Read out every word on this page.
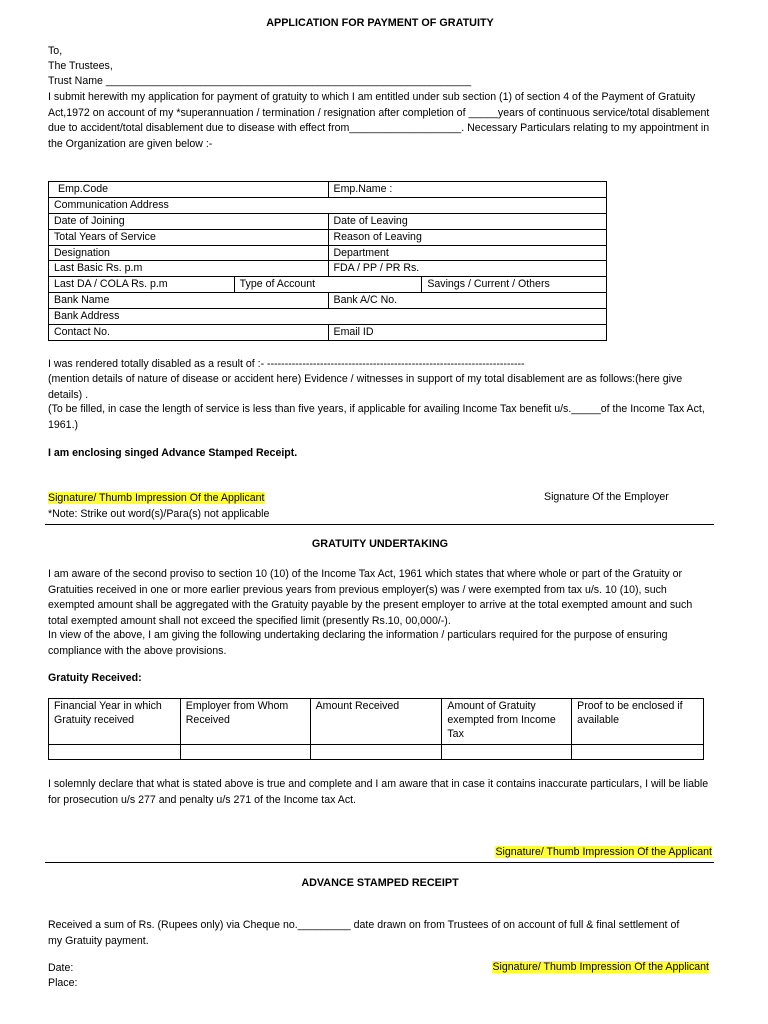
APPLICATION FOR PAYMENT OF GRATUITY
To,
The Trustees,
Trust Name ______________________________________________________________
I submit herewith my application for payment of gratuity to which I am entitled under sub section (1) of section 4 of the Payment of Gratuity Act,1972 on account of my *superannuation / termination / resignation after completion of _____years of continuous service/total disablement due to accident/total disablement due to disease with effect from___________________. Necessary Particulars relating to my appointment in the Organization are given below :-
Emp.Code		Emp.Name :	
Communication Address			
Date of Joining		Date of Leaving	
Total Years of Service		Reason of Leaving	
Designation		Department	
Last Basic Rs. p.m		FDA / PP / PR Rs.	
Last DA / COLA Rs. p.m	Type of Account		Savings / Current / Others
Bank Name		Bank A/C No.	
Bank Address			
Contact No.		Email ID	
I was rendered totally disabled as a result of :- -------------------------------------------------------------------------
(mention details of nature of disease or accident here) Evidence / witnesses in support of my total disablement are as follows:(here give details) .
(To be filled, in case the length of service is less than five years, if applicable for availing Income Tax benefit u/s._____of the Income Tax Act, 1961.)
I am enclosing singed Advance Stamped Receipt.
Signature/ Thumb Impression Of the Applicant	Signature Of the Employer
*Note: Strike out word(s)/Para(s) not applicable
GRATUITY UNDERTAKING
I am aware of the second proviso to section 10 (10) of the Income Tax Act, 1961 which states that where whole or part of the Gratuity or Gratuities received in one or more earlier previous years from previous employer(s) was / were exempted from tax u/s. 10 (10), such exempted amount shall be aggregated with the Gratuity payable by the present employer to arrive at the total exempted amount and such total exempted amount shall not exceed the specified limit (presently Rs.10, 00,000/-).
In view of the above, I am giving the following undertaking declaring the information / particulars required for the purpose of ensuring compliance with the above provisions.
Gratuity Received:
Financial Year in which Gratuity received	Employer from Whom Received	Amount Received	Amount of Gratuity exempted from Income Tax	Proof to be enclosed if available

I solemnly declare that what is stated above is true and complete and I am aware that in case it contains inaccurate particulars, I will be liable for prosecution u/s 277 and penalty u/s 271 of the Income tax Act.
Signature/ Thumb Impression Of the Applicant
ADVANCE STAMPED RECEIPT
Received a sum of Rs. (Rupees only) via Cheque no._________ date drawn on from Trustees of on account of full & final settlement of my Gratuity payment.
Date:
Place:
Signature/ Thumb Impression Of the Applicant
